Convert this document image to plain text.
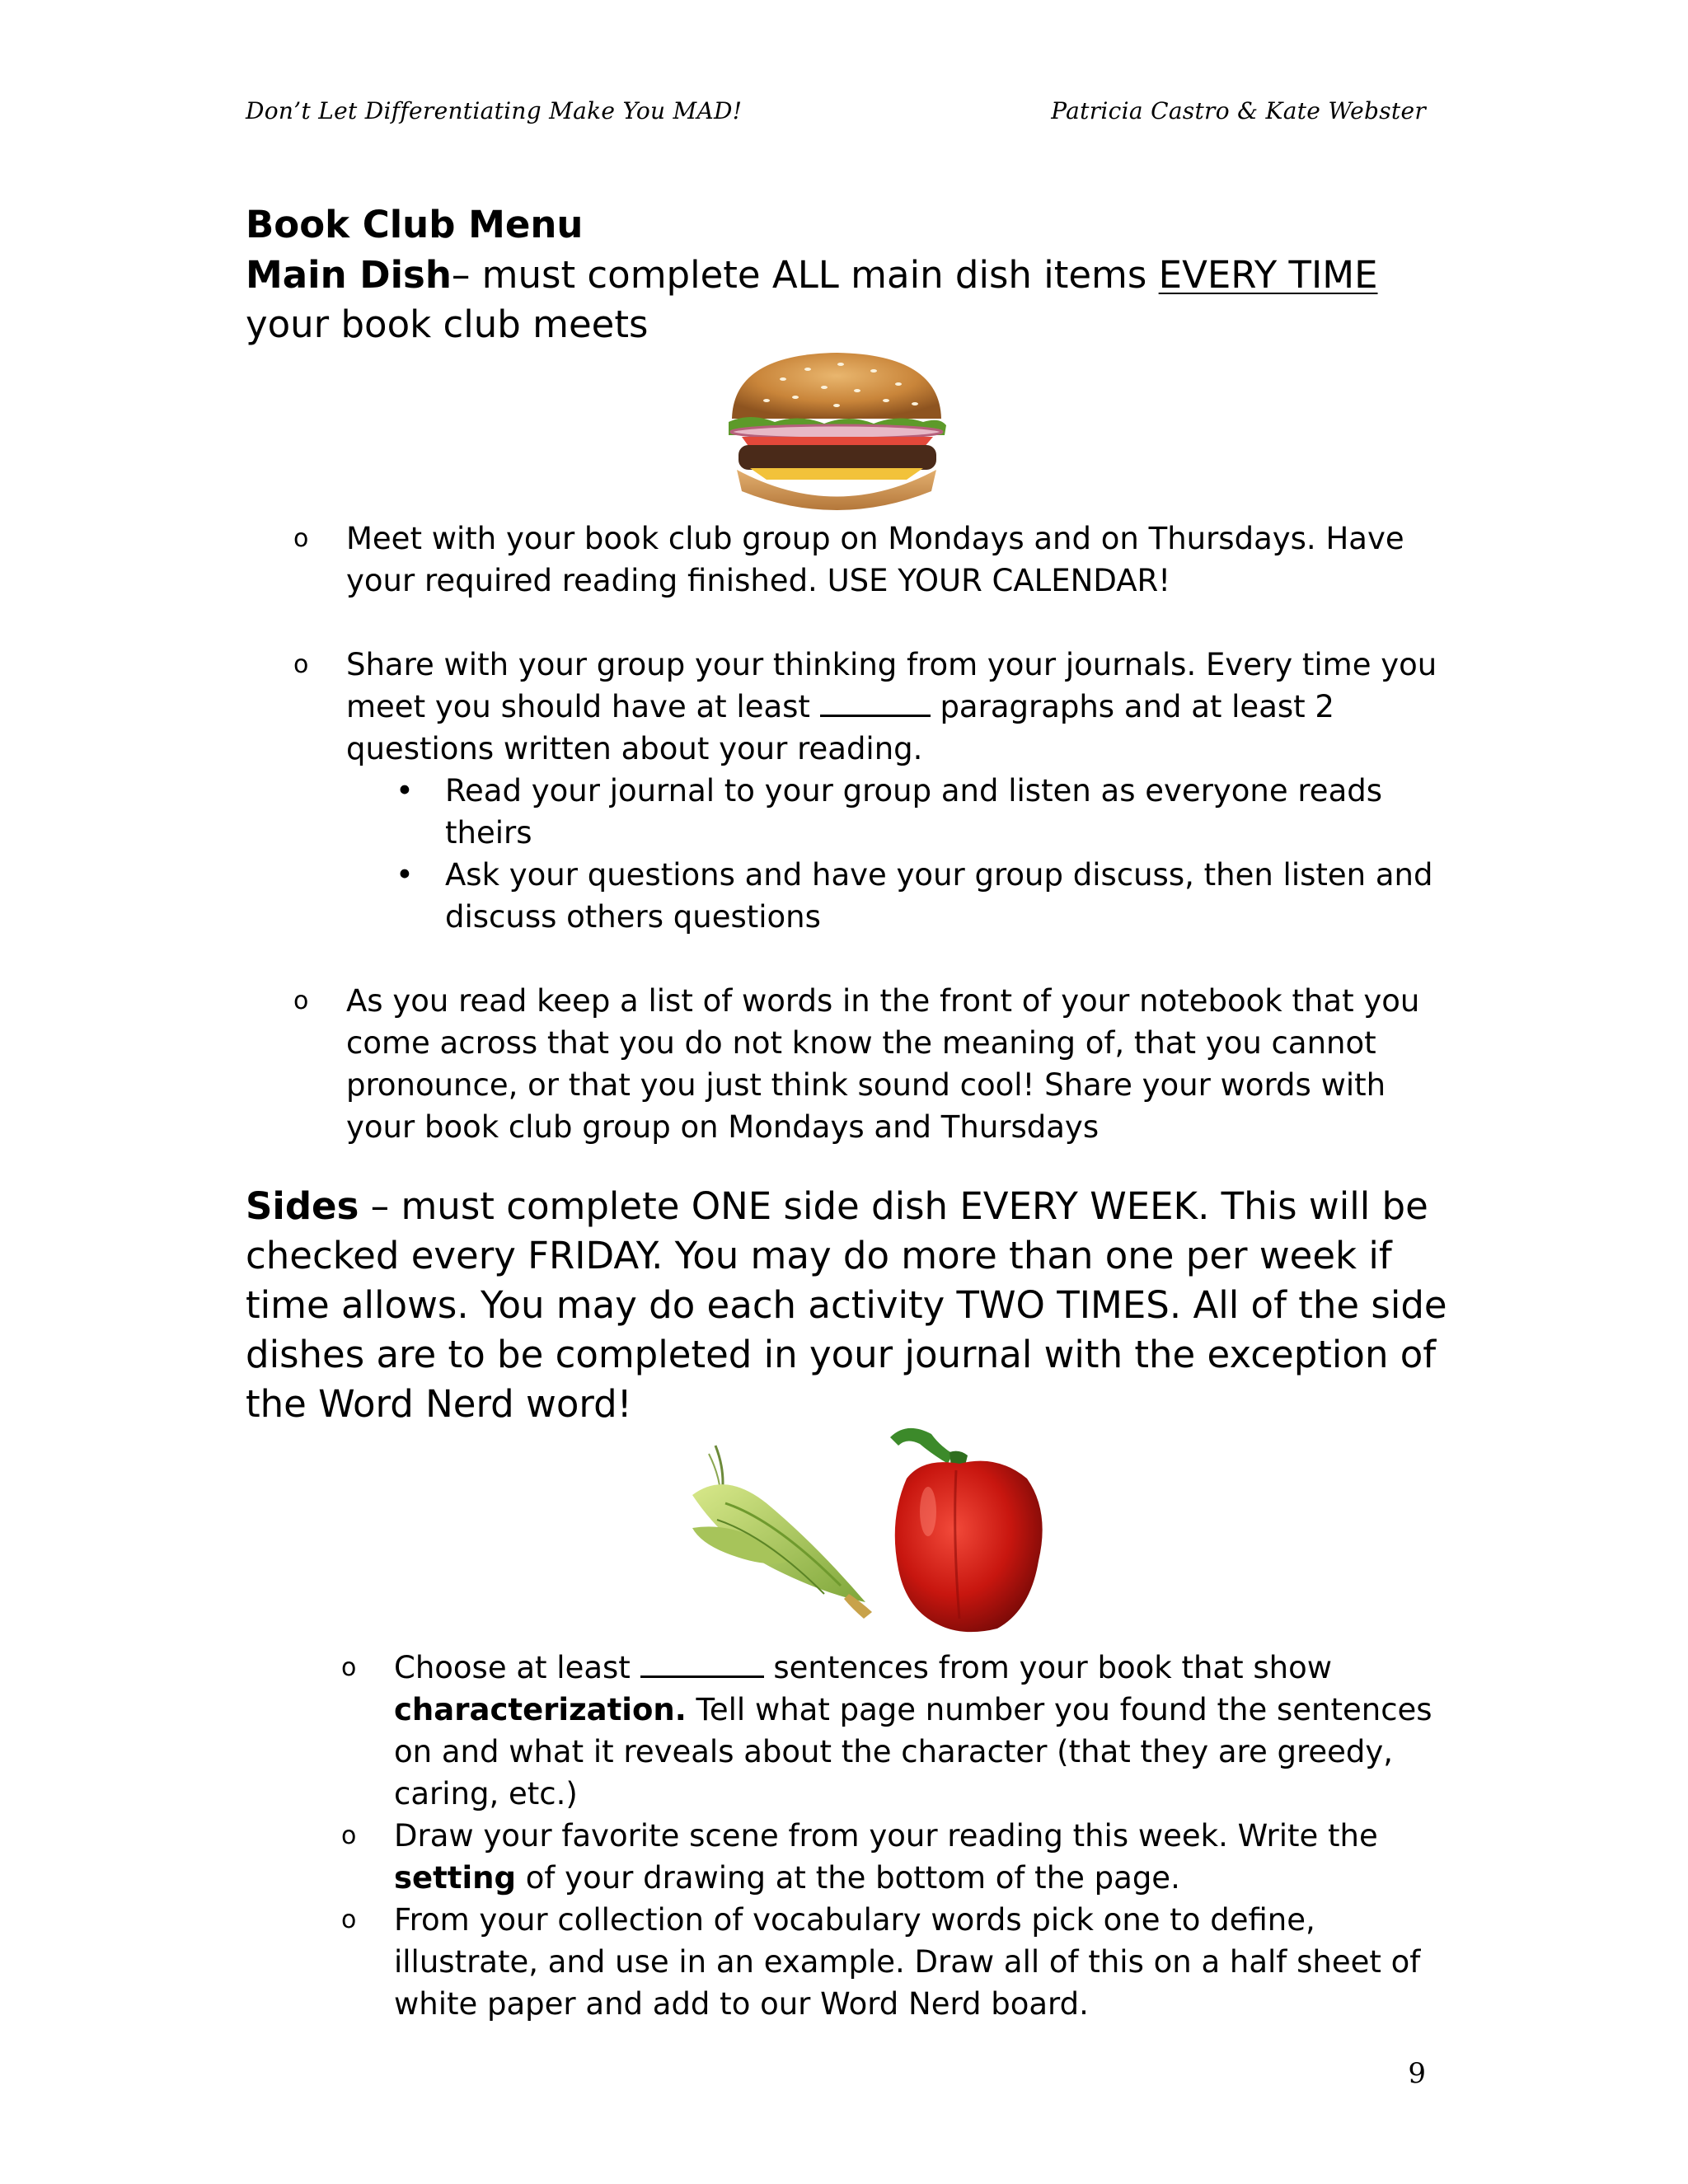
Don’t Let Differentiating Make You MAD!	Patricia Castro & Kate Webster
Book Club Menu

Main Dish– must complete ALL main dish items EVERY TIME your book club meets

o Meet with your book club group on Mondays and on Thursdays. Have your required reading finished. USE YOUR CALENDAR!
o Share with your group your thinking from your journals. Every time you meet you should have at least	paragraphs and at least 2 questions written about your reading.
• Read your journal to your group and listen as everyone reads theirs
• Ask your questions and have your group discuss, then listen and discuss others questions
o As you read keep a list of words in the front of your notebook that you come across that you do not know the meaning of, that you cannot pronounce, or that you just think sound cool! Share your words with your book club group on Mondays and Thursdays

Sides – must complete ONE side dish EVERY WEEK. This will be checked every FRIDAY. You may do more than one per week if time allows. You may do each activity TWO TIMES. All of the side dishes are to be completed in your journal with the exception of the Word Nerd word!

o Choose at least	sentences from your book that show characterization. Tell what page number you found the sentences on and what it reveals about the character (that they are greedy, caring, etc.)
o Draw your favorite scene from your reading this week. Write the setting of your drawing at the bottom of the page.
o From your collection of vocabulary words pick one to define, illustrate, and use in an example. Draw all of this on a half sheet of white paper and add to our Word Nerd board.
9
